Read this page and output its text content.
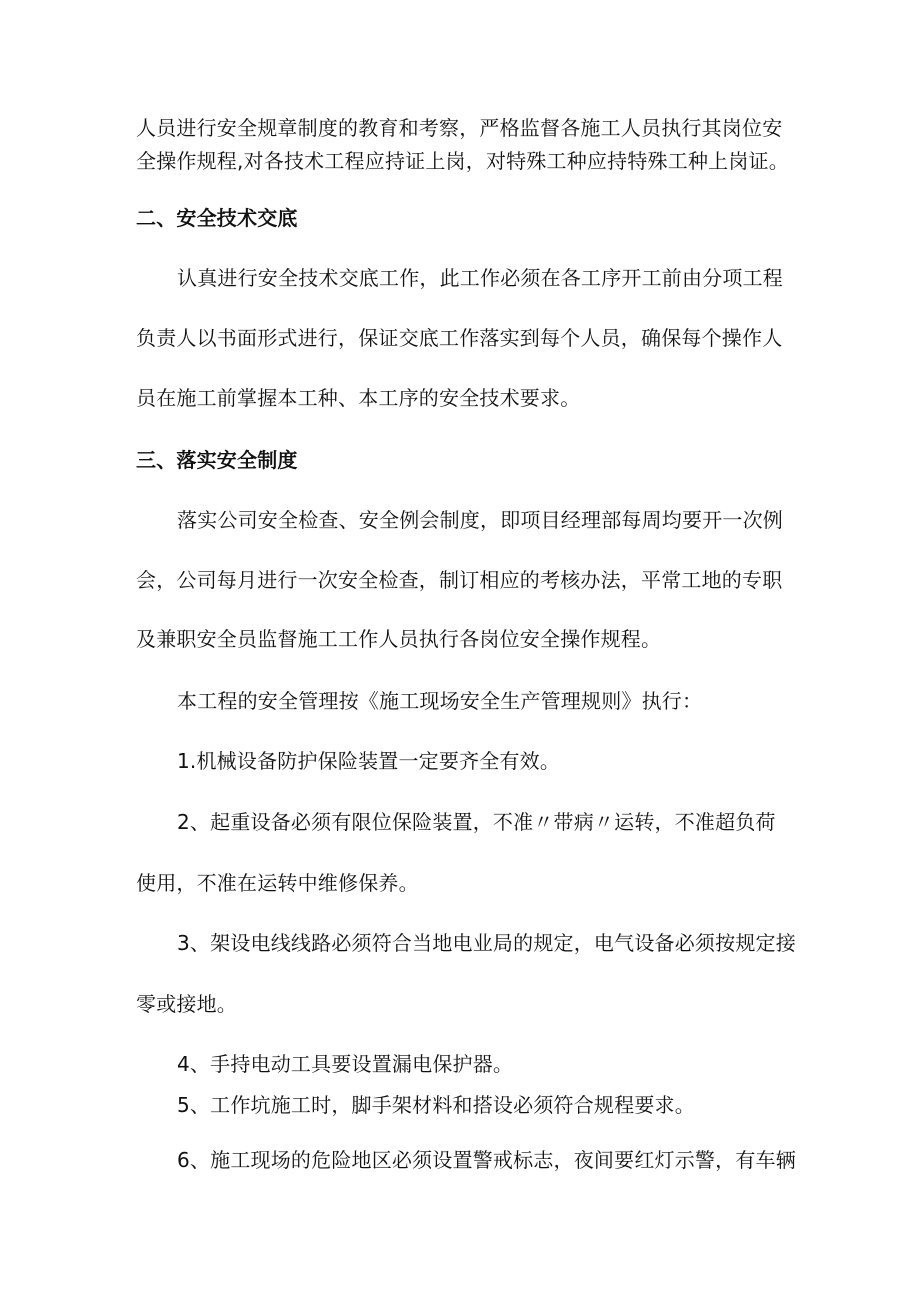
人员进行安全规章制度的教育和考察，严格监督各施工人员执行其岗位安

全操作规程,对各技术工程应持证上岗，对特殊工种应持特殊工种上岗证。

二、安全技术交底

认真进行安全技术交底工作，此工作必须在各工序开工前由分项工程

负责人以书面形式进行，保证交底工作落实到每个人员，确保每个操作人

员在施工前掌握本工种、本工序的安全技术要求。

三、落实安全制度

落实公司安全检查、安全例会制度，即项目经理部每周均要开一次例

会，公司每月进行一次安全检查，制订相应的考核办法，平常工地的专职

及兼职安全员监督施工工作人员执行各岗位安全操作规程。

本工程的安全管理按《施工现场安全生产管理规则》执行：

1.机械设备防护保险装置一定要齐全有效。

2、起重设备必须有限位保险装置，不准〃带病〃运转，不准超负荷

使用，不准在运转中维修保养。

3、架设电线线路必须符合当地电业局的规定，电气设备必须按规定接

零或接地。

4、手持电动工具要设置漏电保护器。

5、工作坑施工时，脚手架材料和搭设必须符合规程要求。

6、施工现场的危险地区必须设置警戒标志，夜间要红灯示警，有车辆
